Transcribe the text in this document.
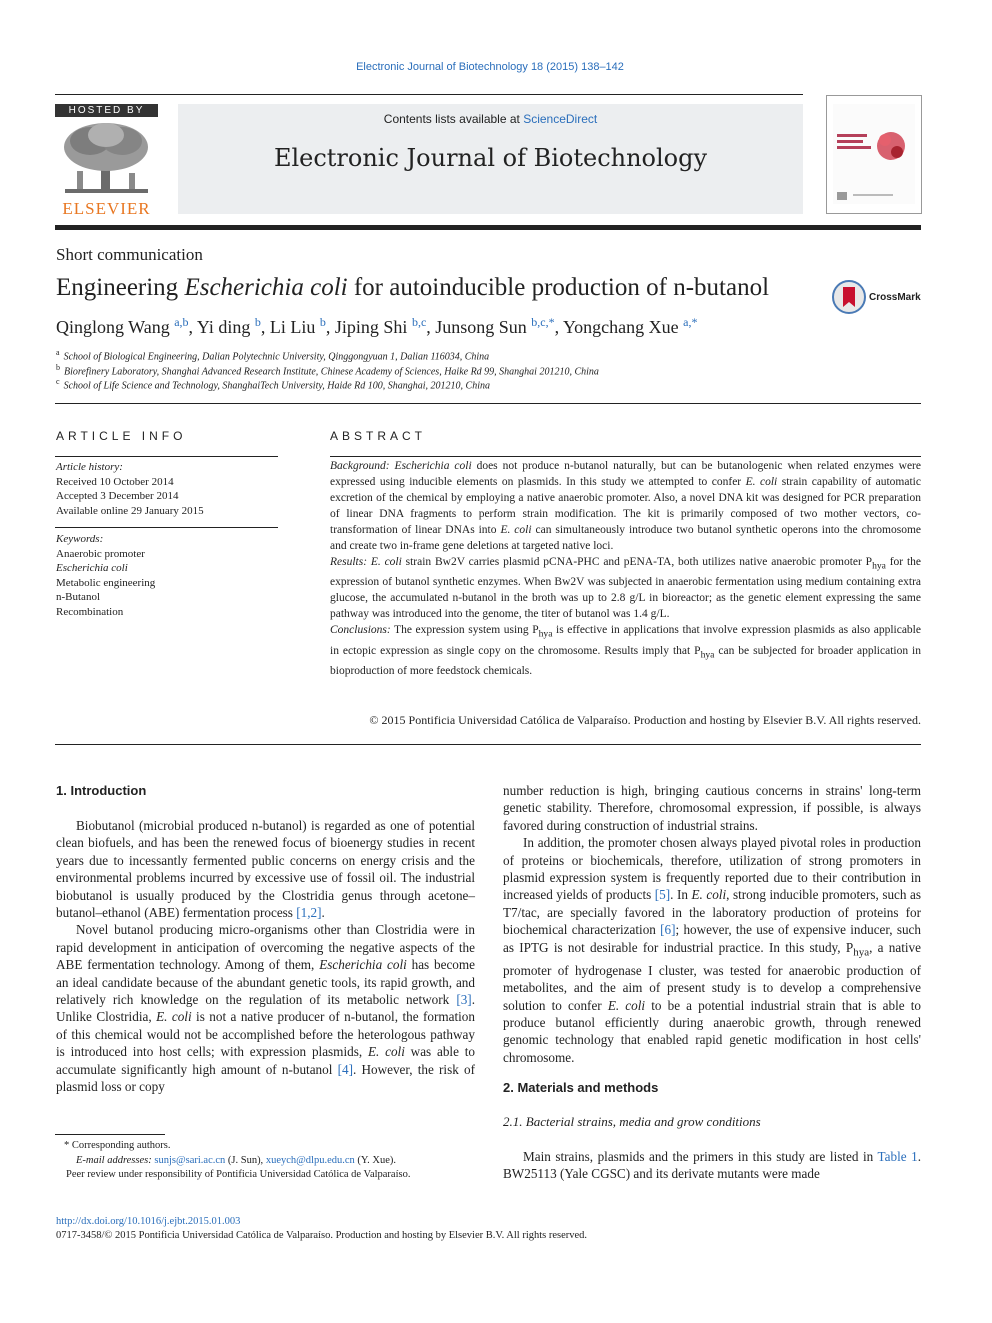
Electronic Journal of Biotechnology 18 (2015) 138–142
HOSTED BY
ELSEVIER
Contents lists available at ScienceDirect
Electronic Journal of Biotechnology
Short communication
Engineering Escherichia coli for autoinducible production of n-butanol	CrossMark
Qinglong Wang $^{a,b}$, Yi ding $^b$, Li Liu $^b$, Jiping Shi $^{b,c}$, Junsong Sun $^{b,c,*}$, Yongchang Xue $^{a,*}$
$^a$ School of Biological Engineering, Dalian Polytechnic University, Qinggongyuan 1, Dalian 116034, China
$^b$ Biorefinery Laboratory, Shanghai Advanced Research Institute, Chinese Academy of Sciences, Haike Rd 99, Shanghai 201210, China
$^c$ School of Life Science and Technology, ShanghaiTech University, Haide Rd 100, Shanghai, 201210, China
ARTICLE INFO
Article history:
Received 10 October 2014
Accepted 3 December 2014
Available online 29 January 2015
Keywords:
Anaerobic promoter
Escherichia coli
Metabolic engineering
n-Butanol
Recombination
ABSTRACT

Background: Escherichia coli does not produce n-butanol naturally, but can be butanologenic when related enzymes were expressed using inducible elements on plasmids. In this study we attempted to confer E. coli strain capability of automatic excretion of the chemical by employing a native anaerobic promoter. Also, a novel DNA kit was designed for PCR preparation of linear DNA fragments to perform strain modification. The kit is primarily composed of two mother vectors, co-transformation of linear DNAs into E. coli can simultaneously introduce two butanol synthetic operons into the chromosome and create two in-frame gene deletions at targeted native loci.

Results: E. coli strain Bw2V carries plasmid pCNA-PHC and pENA-TA, both utilizes native anaerobic promoter $P_{hya}$ for the expression of butanol synthetic enzymes. When Bw2V was subjected in anaerobic fermentation using medium containing extra glucose, the accumulated n-butanol in the broth was up to 2.8 g/L in bioreactor; as the genetic element expressing the same pathway was introduced into the genome, the titer of butanol was 1.4 g/L.

Conclusions: The expression system using $P_{hya}$ is effective in applications that involve expression plasmids as also applicable in ectopic expression as single copy on the chromosome. Results imply that $P_{hya}$ can be subjected for broader application in bioproduction of more feedstock chemicals.

© 2015 Pontificia Universidad Católica de Valparaíso. Production and hosting by Elsevier B.V. All rights reserved.
1. Introduction

Biobutanol (microbial produced n-butanol) is regarded as one of potential clean biofuels, and has been the renewed focus of bioenergy studies in recent years due to incessantly fermented public concerns on energy crisis and the environmental problems incurred by excessive use of fossil oil. The industrial biobutanol is usually produced by the Clostridia genus through acetone–butanol–ethanol (ABE) fermentation process [1,2].

Novel butanol producing micro-organisms other than Clostridia were in rapid development in anticipation of overcoming the negative aspects of the ABE fermentation technology. Among of them, Escherichia coli has become an ideal candidate because of the abundant genetic tools, its rapid growth, and relatively rich knowledge on the regulation of its metabolic network [3]. Unlike Clostridia, E. coli is not a native producer of n-butanol, the formation of this chemical would not be accomplished before the heterologous pathway is introduced into host cells; with expression plasmids, E. coli was able to accumulate significantly high amount of n-butanol [4]. However, the risk of plasmid loss or copy

number reduction is high, bringing cautious concerns in strains' long-term genetic stability. Therefore, chromosomal expression, if possible, is always favored during construction of industrial strains.

In addition, the promoter chosen always played pivotal roles in production of proteins or biochemicals, therefore, utilization of strong promoters in plasmid expression system is frequently reported due to their contribution in increased yields of products [5]. In E. coli, strong inducible promoters, such as T7/tac, are specially favored in the laboratory production of proteins for biochemical characterization [6]; however, the use of expensive inducer, such as IPTG is not desirable for industrial practice. In this study, $P_{hya}$, a native promoter of hydrogenase I cluster, was tested for anaerobic production of metabolites, and the aim of present study is to develop a comprehensive solution to confer E. coli to be a potential industrial strain that is able to produce butanol efficiently during anaerobic growth, through renewed genomic technology that enabled rapid genetic modification in host cells' chromosome.

2. Materials and methods
2.1. Bacterial strains, media and grow conditions

Main strains, plasmids and the primers in this study are listed in Table 1. BW25113 (Yale CGSC) and its derivate mutants were made

* Corresponding authors.
E-mail addresses: sunjs@sari.ac.cn (J. Sun), xueych@dlpu.edu.cn (Y. Xue).
Peer review under responsibility of Pontificia Universidad Católica de Valparaíso.
http://dx.doi.org/10.1016/j.ejbt.2015.01.003
0717-3458/© 2015 Pontificia Universidad Católica de Valparaíso. Production and hosting by Elsevier B.V. All rights reserved.
